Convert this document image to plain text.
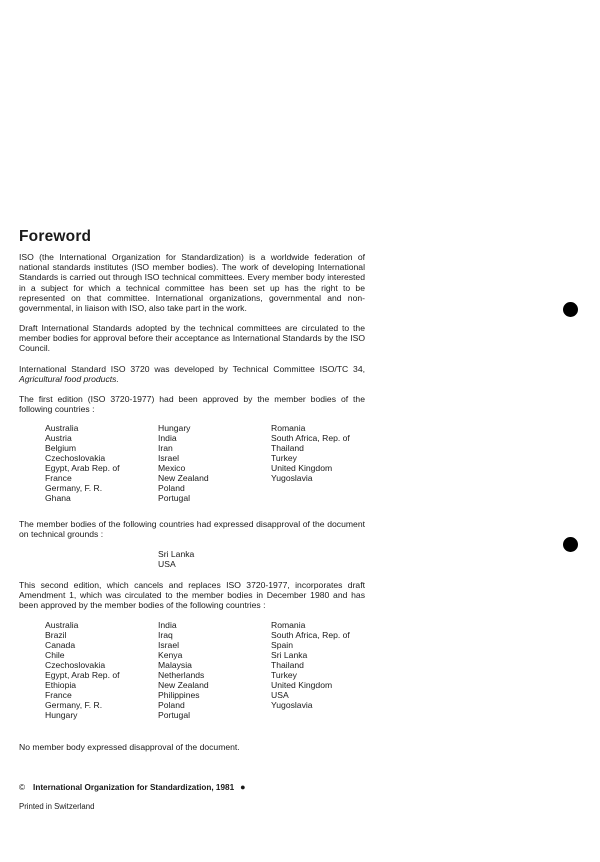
Foreword
ISO (the International Organization for Standardization) is a worldwide federation of national standards institutes (ISO member bodies). The work of developing International Standards is carried out through ISO technical committees. Every member body interested in a subject for which a technical committee has been set up has the right to be represented on that committee. International organizations, governmental and non-governmental, in liaison with ISO, also take part in the work.
Draft International Standards adopted by the technical committees are circulated to the member bodies for approval before their acceptance as International Standards by the ISO Council.
International Standard ISO 3720 was developed by Technical Committee ISO/TC 34, Agricultural food products.
The first edition (ISO 3720-1977) had been approved by the member bodies of the following countries :
Australia
Austria
Belgium
Czechoslovakia
Egypt, Arab Rep. of
France
Germany, F. R.
Ghana
Hungary
India
Iran
Israel
Mexico
New Zealand
Poland
Portugal
Romania
South Africa, Rep. of
Thailand
Turkey
United Kingdom
Yugoslavia
The member bodies of the following countries had expressed disapproval of the document on technical grounds :
Sri Lanka
USA
This second edition, which cancels and replaces ISO 3720-1977, incorporates draft Amendment 1, which was circulated to the member bodies in December 1980 and has been approved by the member bodies of the following countries :
Australia
Brazil
Canada
Chile
Czechoslovakia
Egypt, Arab Rep. of
Ethiopia
France
Germany, F. R.
Hungary
India
Iraq
Israel
Kenya
Malaysia
Netherlands
New Zealand
Philippines
Poland
Portugal
Romania
South Africa, Rep. of
Spain
Sri Lanka
Thailand
Turkey
United Kingdom
USA
Yugoslavia
No member body expressed disapproval of the document.
© International Organization for Standardization, 1981 ●
Printed in Switzerland
